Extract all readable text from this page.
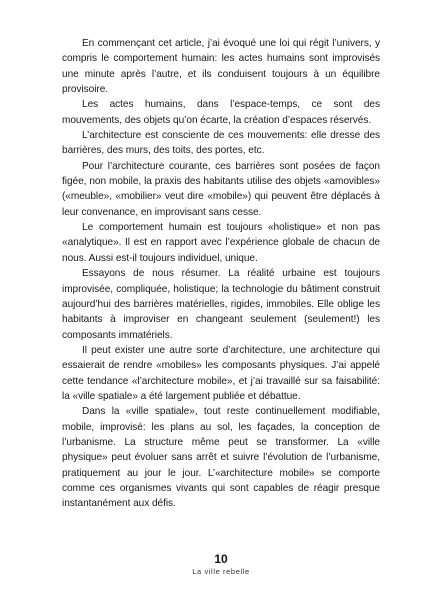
En commençant cet article, j’ai évoqué une loi qui régit l’univers, y compris le comportement humain: les actes humains sont improvisés une minute après l’autre, et ils conduisent toujours à un équilibre provisoire.

Les actes humains, dans l’espace-temps, ce sont des mouvements, des objets qu’on écarte, la création d’espaces réservés.

L’architecture est consciente de ces mouvements: elle dresse des barrières, des murs, des toits, des portes, etc.

Pour l’architecture courante, ces barrières sont posées de façon figée, non mobile, la praxis des habitants utilise des objets «amovibles» («meuble», «mobilier» veut dire «mobile») qui peuvent être déplacés à leur convenance, en improvisant sans cesse.

Le comportement humain est toujours «holistique» et non pas «analytique». Il est en rapport avec l’expérience globale de chacun de nous. Aussi est-il toujours individuel, unique.

Essayons de nous résumer. La réalité urbaine est toujours improvisée, compliquée, holistique; la technologie du bâtiment construit aujourd’hui des barrières matérielles, rigides, immobiles. Elle oblige les habitants à improviser en changeant seulement (seulement!) les composants immatériels.

Il peut exister une autre sorte d’architecture, une architecture qui essaierait de rendre «mobiles» les composants physiques. J’ai appelé cette tendance «l’architecture mobile», et j’ai travaillé sur sa faisabilité: la «ville spatiale» a été largement publiée et débattue.

Dans la «ville spatiale», tout reste continuellement modifiable, mobile, improvisé: les plans au sol, les façades, la conception de l’urbanisme. La structure même peut se transformer. La «ville physique» peut évoluer sans arrêt et suivre l’évolution de l’urbanisme, pratiquement au jour le jour. L’«architecture mobile» se comporte comme ces organismes vivants qui sont capables de réagir presque instantanément aux défis.

10
La ville rebelle
